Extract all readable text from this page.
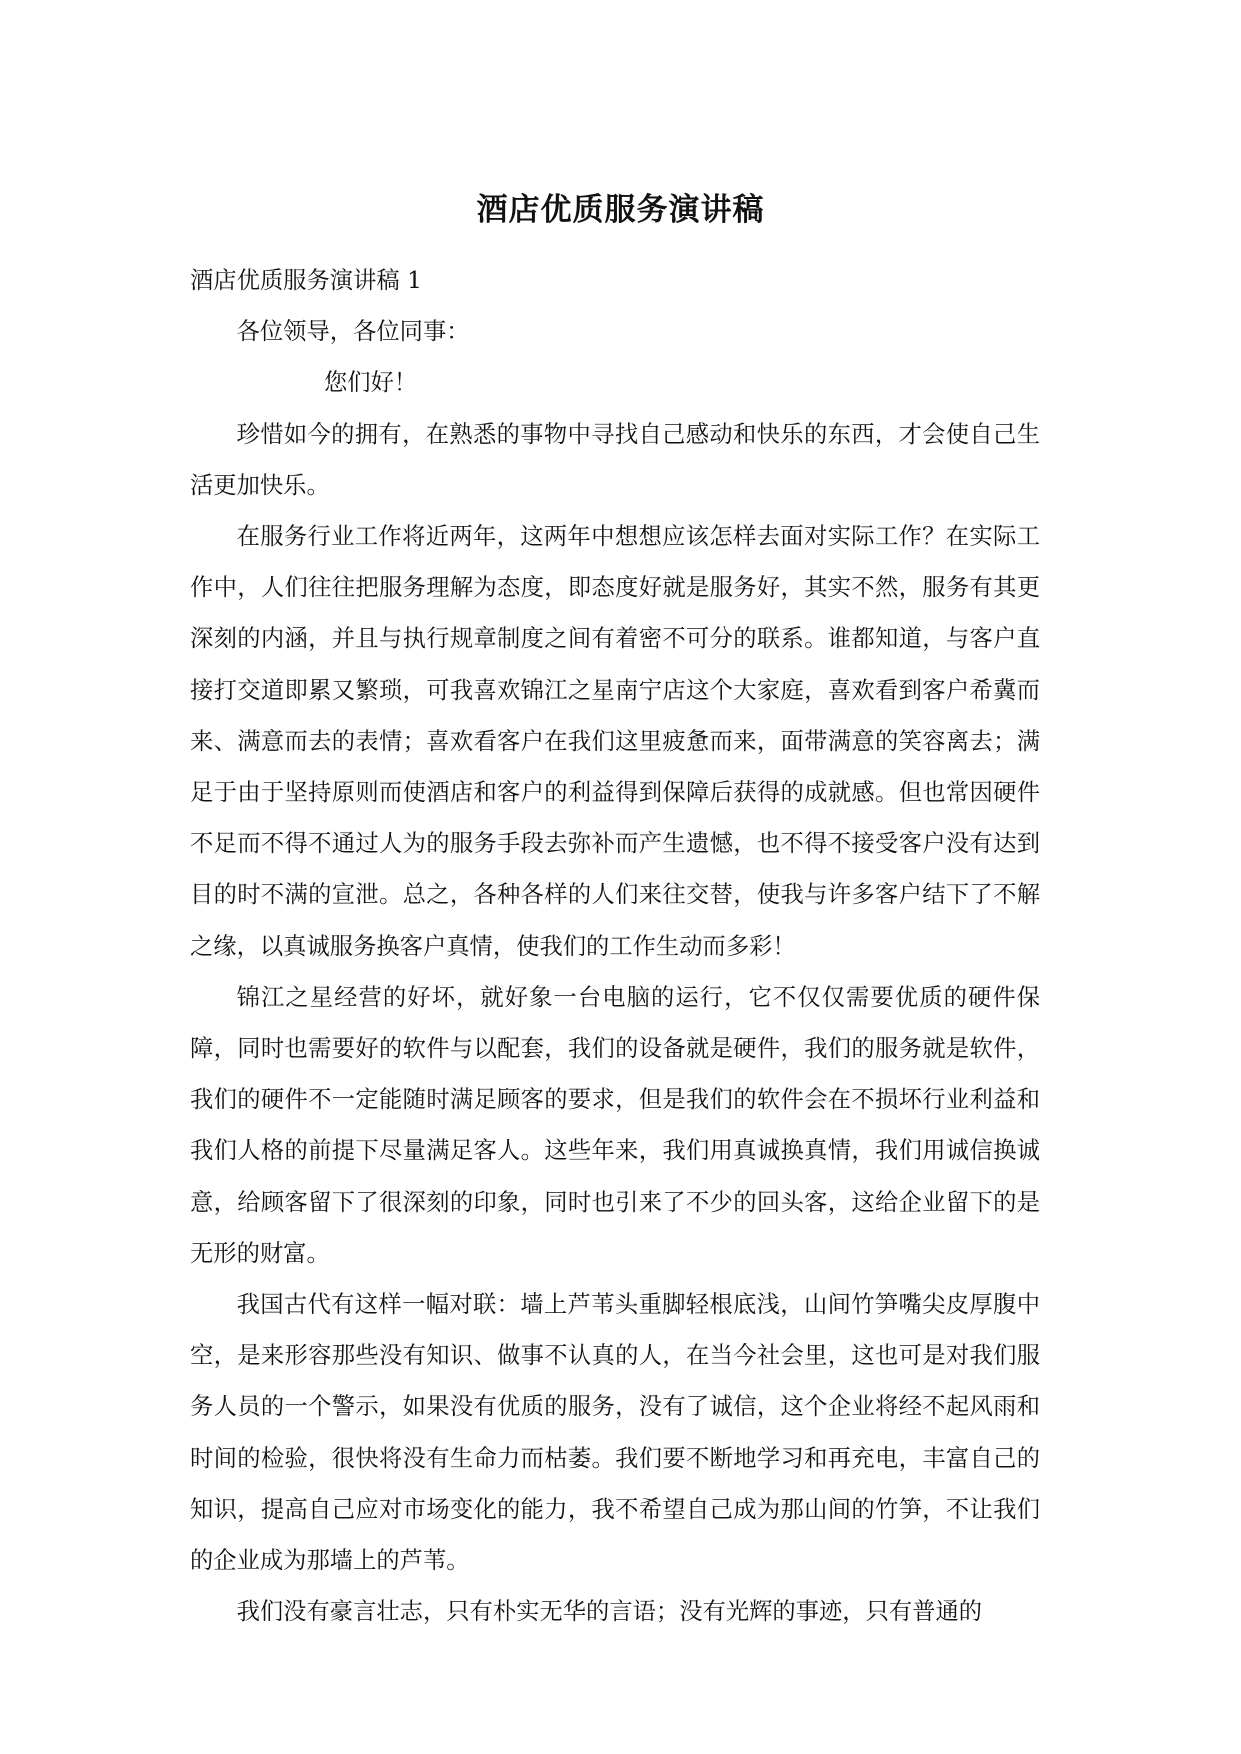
酒店优质服务演讲稿

酒店优质服务演讲稿 1

各位领导，各位同事：

您们好！

珍惜如今的拥有，在熟悉的事物中寻找自己感动和快乐的东西，才会使自己生活更加快乐。

在服务行业工作将近两年，这两年中想想应该怎样去面对实际工作？在实际工作中，人们往往把服务理解为态度，即态度好就是服务好，其实不然，服务有其更深刻的内涵，并且与执行规章制度之间有着密不可分的联系。谁都知道，与客户直接打交道即累又繁琐，可我喜欢锦江之星南宁店这个大家庭，喜欢看到客户希冀而来、满意而去的表情；喜欢看客户在我们这里疲惫而来，面带满意的笑容离去；满足于由于坚持原则而使酒店和客户的利益得到保障后获得的成就感。但也常因硬件不足而不得不通过人为的服务手段去弥补而产生遗憾，也不得不接受客户没有达到目的时不满的宣泄。总之，各种各样的人们来往交替，使我与许多客户结下了不解之缘，以真诚服务换客户真情，使我们的工作生动而多彩！

锦江之星经营的好坏，就好象一台电脑的运行，它不仅仅需要优质的硬件保障，同时也需要好的软件与以配套，我们的设备就是硬件，我们的服务就是软件，我们的硬件不一定能随时满足顾客的要求，但是我们的软件会在不损坏行业利益和我们人格的前提下尽量满足客人。这些年来，我们用真诚换真情，我们用诚信换诚意，给顾客留下了很深刻的印象，同时也引来了不少的回头客，这给企业留下的是无形的财富。

我国古代有这样一幅对联：墙上芦苇头重脚轻根底浅，山间竹笋嘴尖皮厚腹中空，是来形容那些没有知识、做事不认真的人，在当今社会里，这也可是对我们服务人员的一个警示，如果没有优质的服务，没有了诚信，这个企业将经不起风雨和时间的检验，很快将没有生命力而枯萎。我们要不断地学习和再充电，丰富自己的知识，提高自己应对市场变化的能力，我不希望自己成为那山间的竹笋，不让我们的企业成为那墙上的芦苇。

我们没有豪言壮志，只有朴实无华的言语；没有光辉的事迹，只有普通的
